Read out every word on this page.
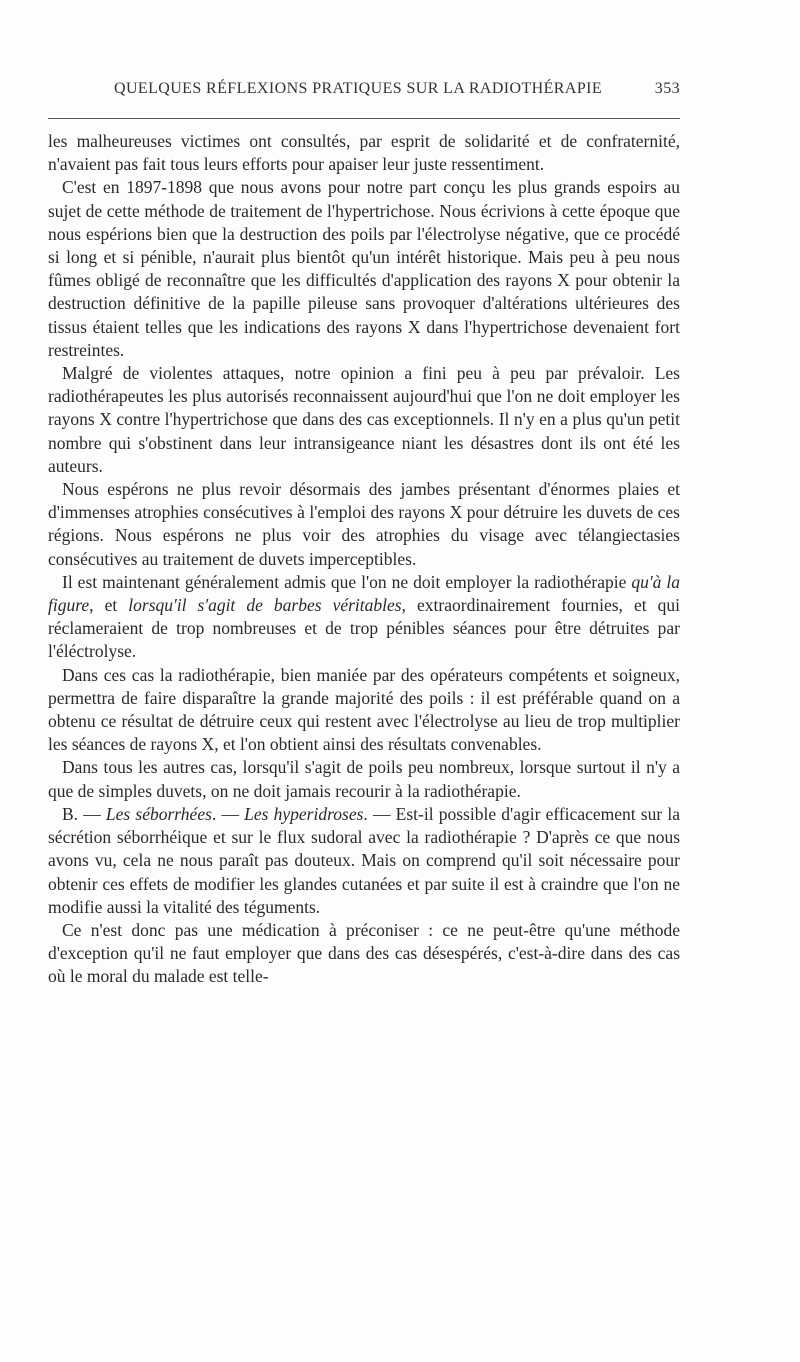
QUELQUES RÉFLEXIONS PRATIQUES SUR LA RADIOTHÉRAPIE	353

les malheureuses victimes ont consultés, par esprit de solidarité et de confraternité, n'avaient pas fait tous leurs efforts pour apaiser leur juste ressentiment.

C'est en 1897-1898 que nous avons pour notre part conçu les plus grands espoirs au sujet de cette méthode de traitement de l'hypertrichose. Nous écrivions à cette époque que nous espérions bien que la destruction des poils par l'électrolyse négative, que ce procédé si long et si pénible, n'aurait plus bientôt qu'un intérêt historique. Mais peu à peu nous fûmes obligé de reconnaître que les difficultés d'application des rayons X pour obtenir la destruction définitive de la papille pileuse sans provoquer d'altérations ultérieures des tissus étaient telles que les indications des rayons X dans l'hypertrichose devenaient fort restreintes.

Malgré de violentes attaques, notre opinion a fini peu à peu par prévaloir. Les radiothérapeutes les plus autorisés reconnaissent aujourd'hui que l'on ne doit employer les rayons X contre l'hypertrichose que dans des cas exceptionnels. Il n'y en a plus qu'un petit nombre qui s'obstinent dans leur intransigeance niant les désastres dont ils ont été les auteurs.

Nous espérons ne plus revoir désormais des jambes présentant d'énormes plaies et d'immenses atrophies consécutives à l'emploi des rayons X pour détruire les duvets de ces régions. Nous espérons ne plus voir des atrophies du visage avec télangiectasies consécutives au traitement de duvets imperceptibles.

Il est maintenant généralement admis que l'on ne doit employer la radiothérapie qu'à la figure, et lorsqu'il s'agit de barbes véritables, extraordinairement fournies, et qui réclameraient de trop nombreuses et de trop pénibles séances pour être détruites par l'éléctrolyse.

Dans ces cas la radiothérapie, bien maniée par des opérateurs compétents et soigneux, permettra de faire disparaître la grande majorité des poils : il est préférable quand on a obtenu ce résultat de détruire ceux qui restent avec l'électrolyse au lieu de trop multiplier les séances de rayons X, et l'on obtient ainsi des résultats convenables.

Dans tous les autres cas, lorsqu'il s'agit de poils peu nombreux, lorsque surtout il n'y a que de simples duvets, on ne doit jamais recourir à la radiothérapie.

B. — Les séborrhées. — Les hyperidroses. — Est-il possible d'agir efficacement sur la sécrétion séborrhéique et sur le flux sudoral avec la radiothérapie ? D'après ce que nous avons vu, cela ne nous paraît pas douteux. Mais on comprend qu'il soit nécessaire pour obtenir ces effets de modifier les glandes cutanées et par suite il est à craindre que l'on ne modifie aussi la vitalité des téguments.

Ce n'est donc pas une médication à préconiser : ce ne peut-être qu'une méthode d'exception qu'il ne faut employer que dans des cas désespérés, c'est-à-dire dans des cas où le moral du malade est telle-
